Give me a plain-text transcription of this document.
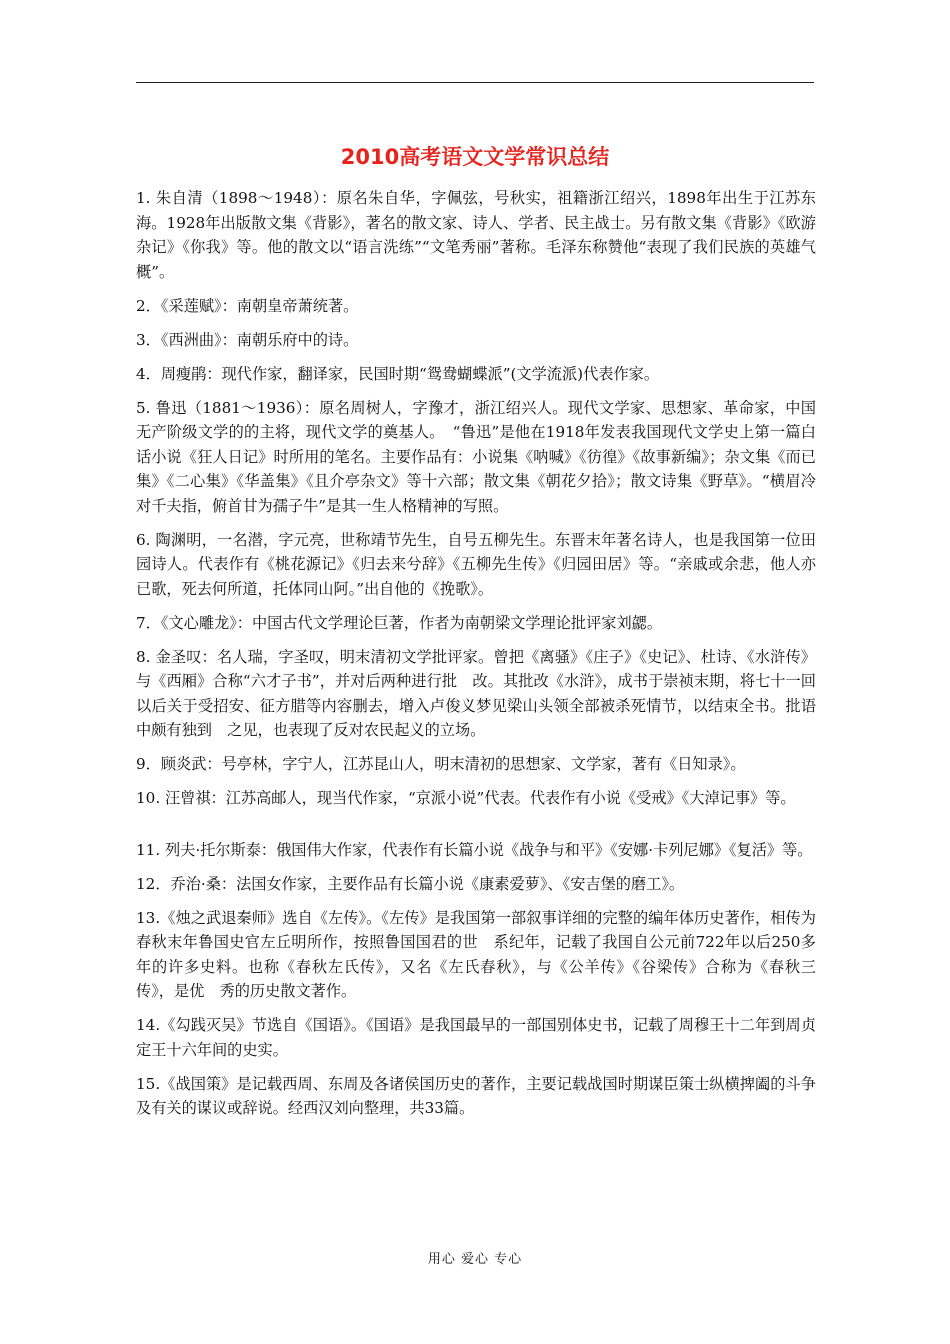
2010高考语文文学常识总结

1. 朱自清（1898～1948）：原名朱自华，字佩弦，号秋实，祖籍浙江绍兴，1898年出生于江苏东海。1928年出版散文集《背影》，著名的散文家、诗人、学者、民主战士。另有散文集《背影》《欧游杂记》《你我》等。他的散文以“语言洗练”“文笔秀丽”著称。毛泽东称赞他“表现了我们民族的英雄气概”。

2．《采莲赋》：南朝皇帝萧统著。

3．《西洲曲》：南朝乐府中的诗。

4．周瘦鹃：现代作家，翻译家，民国时期“鸳鸯蝴蝶派”(文学流派)代表作家。

5. 鲁迅（1881～1936）：原名周树人，字豫才，浙江绍兴人。现代文学家、思想家、革命家，中国无产阶级文学的的主将，现代文学的奠基人。　“鲁迅”是他在1918年发表我国现代文学史上第一篇白话小说《狂人日记》时所用的笔名。主要作品有：小说集《呐喊》《彷徨》《故事新编》；杂文集《而已　集》《二心集》《华盖集》《且介亭杂文》等十六部；散文集《朝花夕拾》；散文诗集《野草》。“横眉冷对千夫指，俯首甘为孺子牛”是其一生人格精神的写照。

6. 陶渊明，一名潜，字元亮，世称靖节先生，自号五柳先生。东晋末年著名诗人，也是我国第一位田园诗人。代表作有《桃花源记》《归去来兮辞》《五柳先生传》《归园田居》等。“亲戚或余悲，他人亦已歌，死去何所道，托体同山阿。”出自他的《挽歌》。

7．《文心雕龙》：中国古代文学理论巨著，作者为南朝梁文学理论批评家刘勰。

8. 金圣叹：名人瑞，字圣叹，明末清初文学批评家。曾把《离骚》《庄子》《史记》、杜诗、《水浒传》与《西厢》合称“六才子书”，并对后两种进行批　改。其批改《水浒》，成书于崇祯末期，将七十一回以后关于受招安、征方腊等内容删去，增入卢俊义梦见梁山头领全部被杀死情节，以结束全书。批语中颇有独到　之见，也表现了反对农民起义的立场。

9．顾炎武：号亭林，字宁人，江苏昆山人，明末清初的思想家、文学家，著有《日知录》。

10. 汪曾祺：江苏高邮人，现当代作家，“京派小说”代表。代表作有小说《受戒》《大淖记事》等。

11. 列夫·托尔斯泰：俄国伟大作家，代表作有长篇小说《战争与和平》《安娜·卡列尼娜》《复活》等。

12．乔治·桑：法国女作家，主要作品有长篇小说《康素爱萝》、《安吉堡的磨工》。

13.《烛之武退秦师》选自《左传》。《左传》是我国第一部叙事详细的完整的编年体历史著作，相传为春秋末年鲁国史官左丘明所作，按照鲁国国君的世　系纪年，记载了我国自公元前722年以后250多年的许多史料。也称《春秋左氏传》，又名《左氏春秋》，与《公羊传》《谷梁传》合称为《春秋三传》，是优　秀的历史散文著作。

14.《勾践灭吴》节选自《国语》。《国语》是我国最早的一部国别体史书，记载了周穆王十二年到周贞定王十六年间的史实。

15.《战国策》是记载西周、东周及各诸侯国历史的著作，主要记载战国时期谋臣策士纵横捭阖的斗争及有关的谋议或辞说。经西汉刘向整理，共33篇。

用心 爱心 专心
